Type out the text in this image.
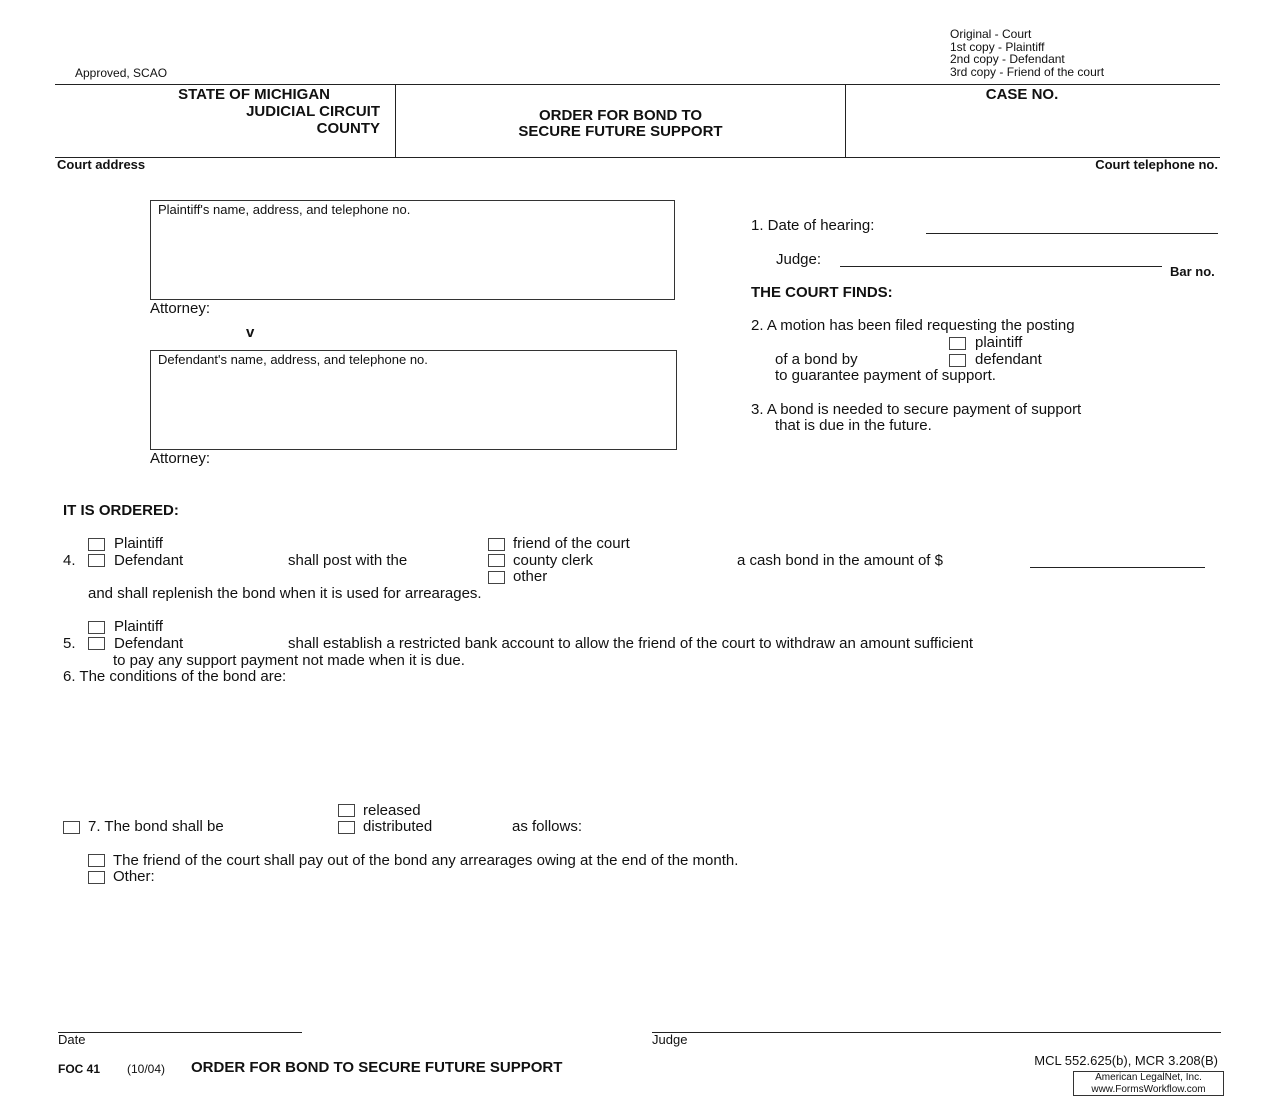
Original - Court
1st copy - Plaintiff
2nd copy - Defendant
3rd copy - Friend of the court
Approved, SCAO
STATE OF MICHIGAN
JUDICIAL CIRCUIT
COUNTY
ORDER FOR BOND TO
SECURE FUTURE SUPPORT
CASE NO.
Court address	Court telephone no.
Plaintiff's name, address, and telephone no.
Attorney:
v
Defendant's name, address, and telephone no.
Attorney:
1. Date of hearing:
Judge:
Bar no.
THE COURT FINDS:
2. A motion has been filed requesting the posting
plaintiff
of a bond by	defendant
to guarantee payment of support.
3. A bond is needed to secure payment of support
that is due in the future.
IT IS ORDERED:
Plaintiff
4.	Defendant	shall post with the
friend of the court
county clerk
other
a cash bond in the amount of $
and shall replenish the bond when it is used for arrearages.
Plaintiff
5.	Defendant	shall establish a restricted bank account to allow the friend of the court to withdraw an amount sufficient
to pay any support payment not made when it is due.
6. The conditions of the bond are:
released
7. The bond shall be	distributed	as follows:
The friend of the court shall pay out of the bond any arrearages owing at the end of the month.
Other:
Date	Judge
FOC 41 (10/04) ORDER FOR BOND TO SECURE FUTURE SUPPORT	MCL 552.625(b), MCR 3.208(B)
American LegalNet, Inc.
www.FormsWorkflow.com
